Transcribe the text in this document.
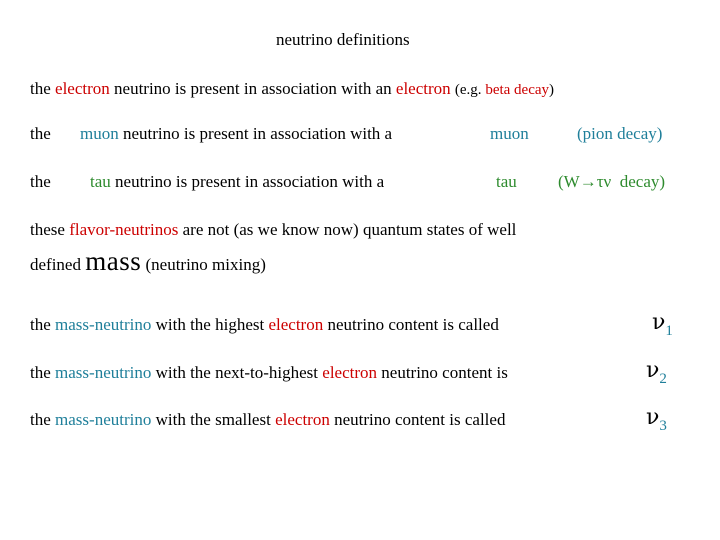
neutrino definitions
the electron neutrino is present in association with an electron (e.g. beta decay)
the muon neutrino is present in association with a	muon	(pion decay)
the tau neutrino is present in association with a	tau (W→τν  decay)
these flavor-neutrinos are not (as we know now) quantum states of well
defined mass (neutrino mixing)
the mass-neutrino with the highest electron neutrino content is called	ν1
the mass-neutrino with the next-to-highest electron neutrino content is	ν2
the mass-neutrino with the smallest electron neutrino content is called	ν3
